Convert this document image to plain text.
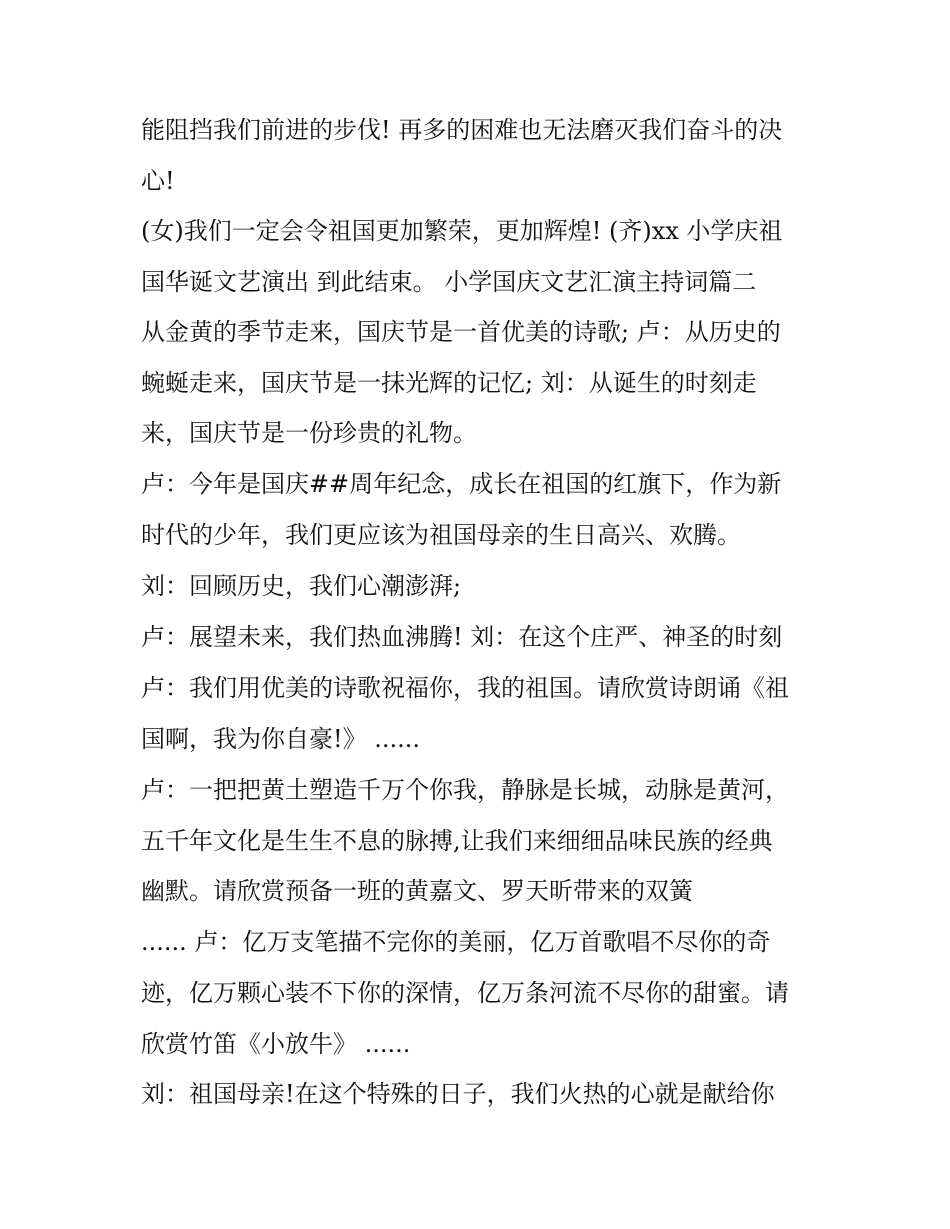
能阻挡我们前进的步伐! 再多的困难也无法磨灭我们奋斗的决
心!
(女)我们一定会令祖国更加繁荣，更加辉煌! (齐)xx 小学庆祖
国华诞文艺演出 到此结束。 小学国庆文艺汇演主持词篇二
从金黄的季节走来，国庆节是一首优美的诗歌; 卢：从历史的
蜿蜒走来，国庆节是一抹光辉的记忆; 刘：从诞生的时刻走
来，国庆节是一份珍贵的礼物。
卢：今年是国庆##周年纪念，成长在祖国的红旗下，作为新
时代的少年，我们更应该为祖国母亲的生日高兴、欢腾。
刘：回顾历史，我们心潮澎湃;
卢：展望未来，我们热血沸腾! 刘：在这个庄严、神圣的时刻
卢：我们用优美的诗歌祝福你，我的祖国。请欣赏诗朗诵《祖
国啊，我为你自豪!》 ......
卢：一把把黄土塑造千万个你我，静脉是长城，动脉是黄河，
五千年文化是生生不息的脉搏,让我们来细细品味民族的经典
幽默。请欣赏预备一班的黄嘉文、罗天昕带来的双簧
...... 卢：亿万支笔描不完你的美丽，亿万首歌唱不尽你的奇
迹，亿万颗心装不下你的深情，亿万条河流不尽你的甜蜜。请
欣赏竹笛《小放牛》 ......
刘：祖国母亲!在这个特殊的日子，我们火热的心就是献给你
